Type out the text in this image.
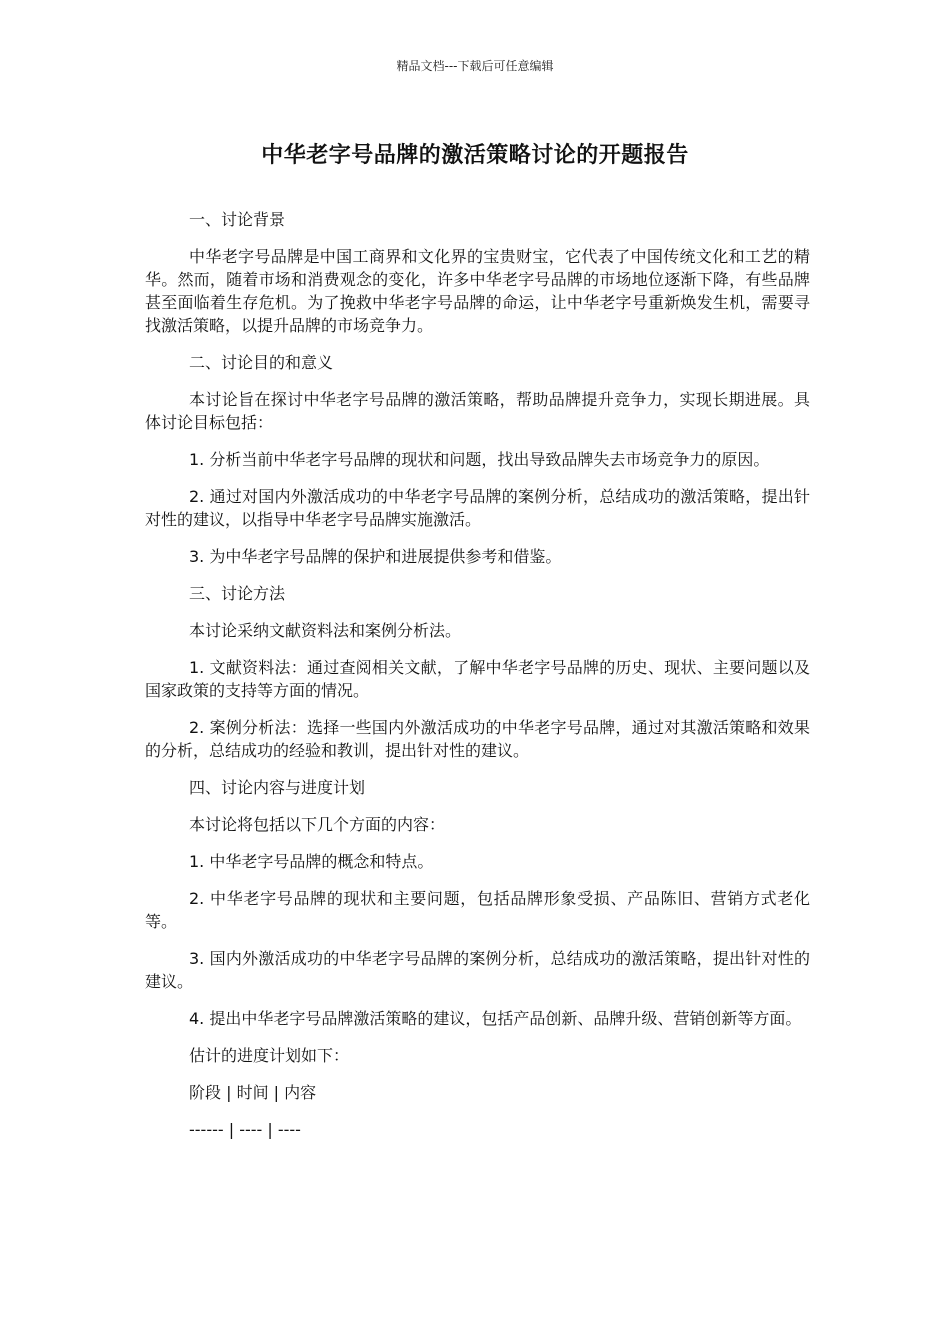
精品文档---下载后可任意编辑
中华老字号品牌的激活策略讨论的开题报告

一、讨论背景

中华老字号品牌是中国工商界和文化界的宝贵财宝，它代表了中国传统文化和工艺的精华。然而，随着市场和消费观念的变化，许多中华老字号品牌的市场地位逐渐下降，有些品牌甚至面临着生存危机。为了挽救中华老字号品牌的命运，让中华老字号重新焕发生机，需要寻找激活策略，以提升品牌的市场竞争力。

二、讨论目的和意义

本讨论旨在探讨中华老字号品牌的激活策略，帮助品牌提升竞争力，实现长期进展。具体讨论目标包括：

1. 分析当前中华老字号品牌的现状和问题，找出导致品牌失去市场竞争力的原因。

2. 通过对国内外激活成功的中华老字号品牌的案例分析，总结成功的激活策略，提出针对性的建议，以指导中华老字号品牌实施激活。

3. 为中华老字号品牌的保护和进展提供参考和借鉴。

三、讨论方法

本讨论采纳文献资料法和案例分析法。

1. 文献资料法：通过查阅相关文献，了解中华老字号品牌的历史、现状、主要问题以及国家政策的支持等方面的情况。

2. 案例分析法：选择一些国内外激活成功的中华老字号品牌，通过对其激活策略和效果的分析，总结成功的经验和教训，提出针对性的建议。

四、讨论内容与进度计划

本讨论将包括以下几个方面的内容：

1. 中华老字号品牌的概念和特点。

2. 中华老字号品牌的现状和主要问题，包括品牌形象受损、产品陈旧、营销方式老化等。

3. 国内外激活成功的中华老字号品牌的案例分析，总结成功的激活策略，提出针对性的建议。

4. 提出中华老字号品牌激活策略的建议，包括产品创新、品牌升级、营销创新等方面。

估计的进度计划如下：

阶段 | 时间 | 内容

------ | ---- | ----
